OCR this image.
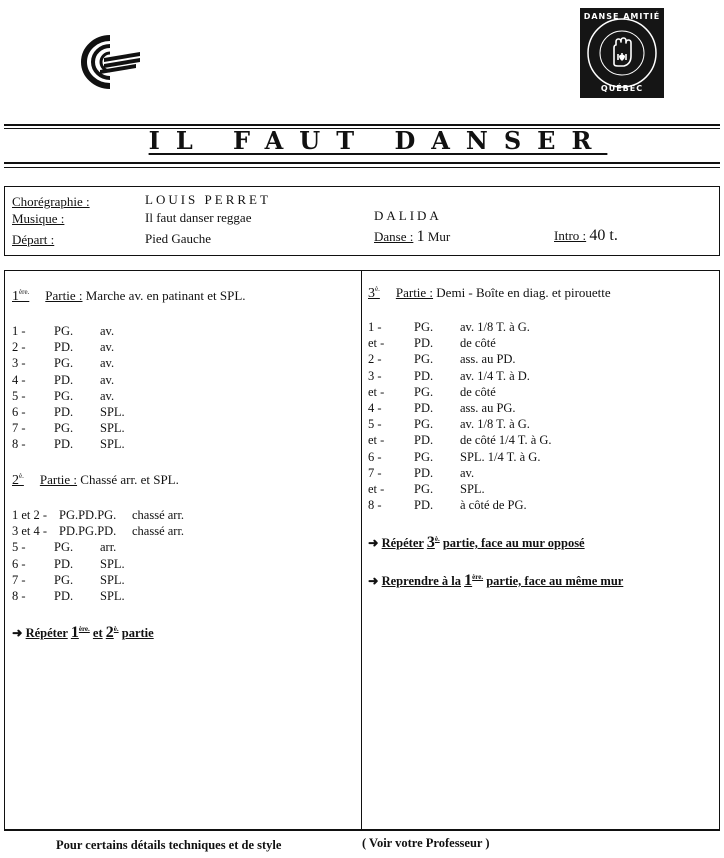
DANSE AMITIÉ
QUÉBEC
IL FAUT DANSER
Chorégraphie :	LOUIS PERRET
Musique :	Il faut danser reggae	DALIDA
Départ :	Pied Gauche	Danse : 1 Mur	Intro : 40 t.
$1^{ère.}$ Partie : Marche av. en patinant et SPL.
1 - PG. av.
2 - PD. av.
3 - PG. av.
4 - PD. av.
5 - PG. av.
6 - PD. SPL.
7 - PG. SPL.
8 - PD. SPL.
$2^{è.}$ Partie : Chassé arr. et SPL.
1 et 2 - PG.PD.PG. chassé arr.
3 et 4 - PD.PG.PD. chassé arr.
5 - PG. arr.
6 - PD. SPL.
7 - PG. SPL.
8 - PD. SPL.
➜ Répéter $1^{ère.}$ et $2^{è.}$ partie
$3^{è.}$ Partie : Demi - Boîte en diag. et pirouette
1 -	PG. av. 1/8 T. à G.
et - PD. de côté
2 -	PG. ass. au PD.
3 -	PD. av. 1/4 T. à D.
et - PG. de côté
4 -	PD. ass. au PG.
5 -	PG. av. 1/8 T. à G.
et - PD. de côté 1/4 T. à G.
6 -	PG. SPL. 1/4 T. à G.
7 -	PD. av.
et - PG. SPL.
8 -	PD. à côté de PG.
➜ Répéter $3^{è.}$ partie, face au mur opposé
➜ Reprendre à la $1^{ère.}$ partie, face au même mur
Pour certains détails techniques et de style	( Voir votre Professeur )
